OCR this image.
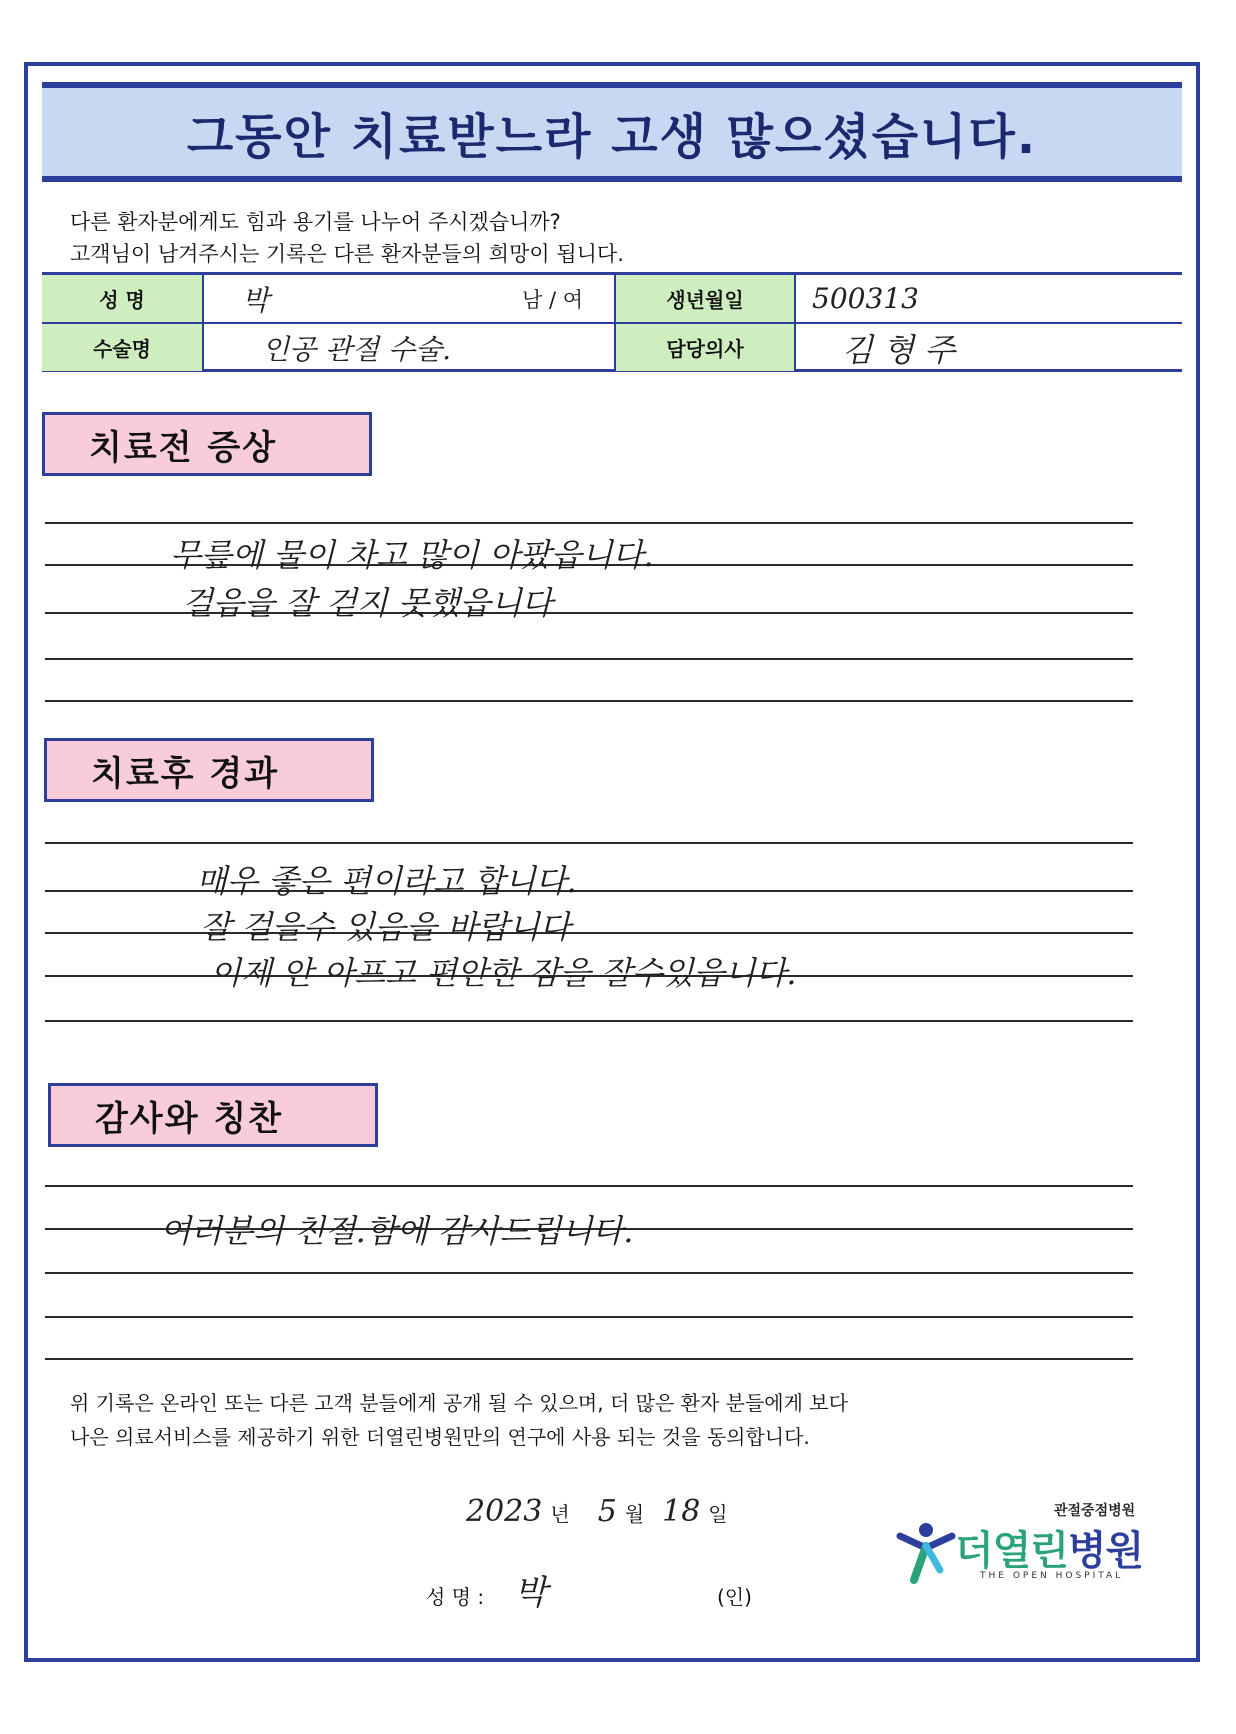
그동안 치료받느라 고생 많으셨습니다.
다른 환자분에게도 힘과 용기를 나누어 주시겠습니까?
고객님이 남겨주시는 기록은 다른 환자분들의 희망이 됩니다.
성 명	박	남 / 여	생년월일	500313
수술명	인공 관절 수술.	담당의사	김 형 주
치료전 증상
무릎에 물이 차고 많이 아팠읍니다.
걸음을 잘 걷지 못했읍니다
치료후 경과
매우 좋은 편이라고 합니다.
잘 걸을수 있음을 바랍니다
이제 안 아프고 편안한 잠을 잘수있읍니다.
감사와 칭찬
여러분의 친절.함에 감사드립니다.
위 기록은 온라인 또는 다른 고객 분들에게 공개 될 수 있으며, 더 많은 환자 분들에게 보다
나은 의료서비스를 제공하기 위한 더열린병원만의 연구에 사용 되는 것을 동의합니다.
2023 년 5 월 18 일
성 명 : 박	(인)
관절중점병원
더열린병원
THE OPEN HOSPITAL
